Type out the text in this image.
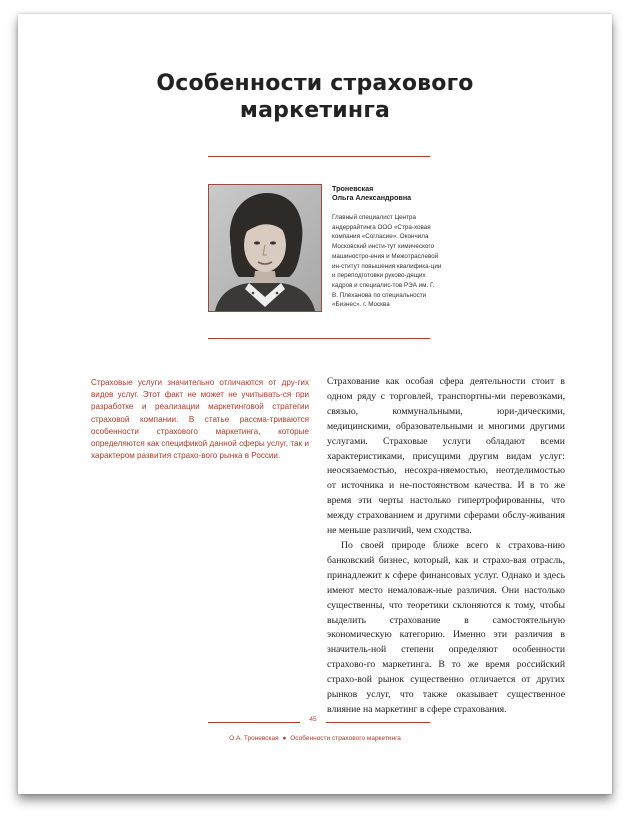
Особенности страхового
маркетинга
Троневская
Ольга Александровна
Главный специалист Центра андеррайтинга ООО «Стра-ховая компания «Согласие». Окончила Московский инсти-тут химического машиностро-ения и Межотраслевой ин-ститут повышения квалифика-ции и переподготовки руково-дящих кадров и специалис-тов РЭА им. Г. В. Плеханова по специальности «Бизнес». г. Москва
Страховые услуги значительно отличаются от дру-гих видов услуг. Этот факт не может не учитывать-ся при разработке и реализации маркетинговой стратегии страховой компании. В статье рассма-триваются особенности страхового маркетинга, которые определяются как спецификой данной сферы услуг, так и характером развития страхо-вого рынка в России.

Страхование как особая сфера деятельности стоит в одном ряду с торговлей, транспортны-ми перевозками, связью, коммунальными, юри-дическими, медицинскими, образовательными и многими другими услугами. Страховые услуги обладают всеми характеристиками, присущими другим видам услуг: неосязаемостью, несохра-няемостью, неотделимостью от источника и не-постоянством качества. И в то же время эти черты настолько гипертрофированны, что между страхованием и другими сферами обслу-живания не меньше различий, чем сходства.

По своей природе ближе всего к страхова-нию банковский бизнес, который, как и страхо-вая отрасль, принадлежит к сфере финансовых услуг. Однако и здесь имеют место немаловаж-ные различия. Они настолько существенны, что теоретики склоняются к тому, чтобы выделить страхование в самостоятельную экономическую категорию. Именно эти различия в значитель-ной степени определяют особенности страхово-го маркетинга. В то же время российский страхо-вой рынок существенно отличается от других рынков услуг, что также оказывает существенное влияние на маркетинг в сфере страхования.

45
О.А. Троневская ● Особенности страхового маркетинга
